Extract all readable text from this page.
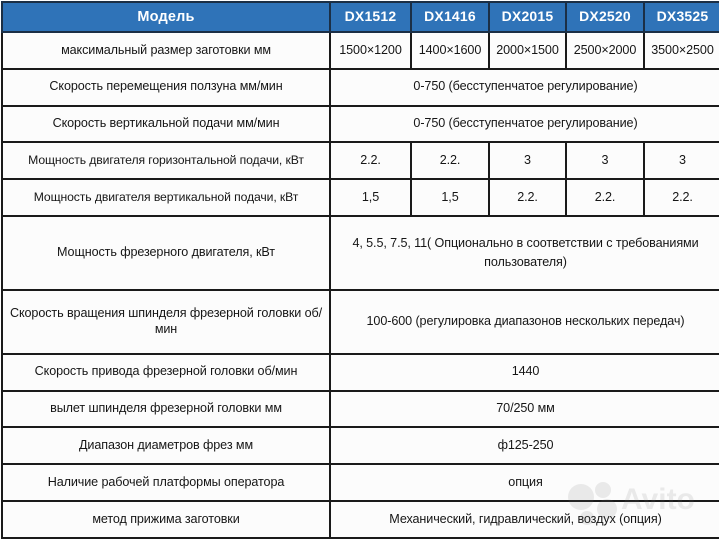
Модель	DX1512	DX1416	DX2015	DX2520	DX3525
максимальный размер заготовки мм	1500×1200	1400×1600	2000×1500	2500×2000	3500×2500
Скорость перемещения ползуна мм/мин	0-750 (бесступенчатое регулирование)				
Скорость вертикальной подачи мм/мин	0-750 (бесступенчатое регулирование)				
Мощность двигателя горизонтальной подачи, кВт	2.2.	2.2.	3	3	3
Мощность двигателя вертикальной подачи, кВт	1,5	1,5	2.2.	2.2.	2.2.
Мощность фрезерного двигателя, кВт	4, 5.5, 7.5, 11( Опционально в соответствии с требованиями пользователя)				
Скорость вращения шпинделя фрезерной головки об/мин	100-600 (регулировка диапазонов нескольких передач)				
Скорость привода фрезерной головки об/мин	1440				
вылет шпинделя фрезерной головки мм	70/250 мм				
Диапазон диаметров фрез мм	ф125-250				
Наличие рабочей платформы оператора	опция				
метод прижима заготовки	Механический, гидравлический, воздух (опция)				
